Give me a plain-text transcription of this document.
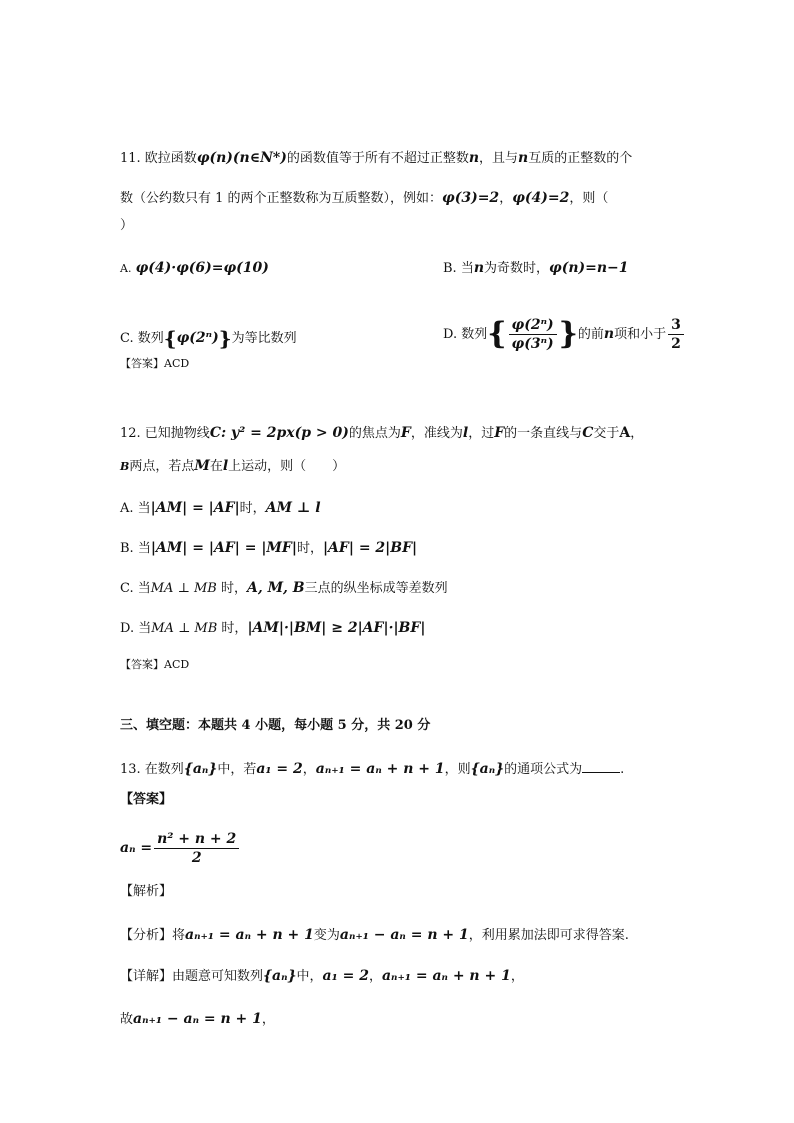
11. 欧拉函数φ(n)(n∈N*)的函数值等于所有不超过正整数n，且与n互质的正整数的个
数（公约数只有 1 的两个正整数称为互质整数），例如：φ(3)=2，φ(4)=2，则（
）
A. φ(4)·φ(6)=φ(10)	B. 当n为奇数时，φ(n)=n−1
C. 数列{φ(2ⁿ)}为等比数列	D. 数列{ $\frac{\text{φ(2ⁿ)}}{\text{φ(3ⁿ)}}$ }的前n项和小于 $\frac{3}{2}$
【答案】ACD
12. 已知抛物线C: y² = 2px(p > 0)的焦点为F，准线为l，过F的一条直线与C交于A，
B两点，若点M在l上运动，则（　　）
A. 当|AM| = |AF|时，AM ⊥ l
B. 当|AM| = |AF| = |MF|时，|AF| = 2|BF|
C. 当MA ⊥ MB 时，A, M, B三点的纵坐标成等差数列
D. 当MA ⊥ MB 时，|AM|·|BM| ≥ 2|AF|·|BF|
【答案】ACD
三、填空题：本题共 4 小题，每小题 5 分，共 20 分
13. 在数列{aₙ}中，若a₁ = 2，aₙ₊₁ = aₙ + n + 1，则{aₙ}的通项公式为	.
【答案】
$a_n = \frac{\text{n² + n + 2}}{2}$
【解析】
【分析】将aₙ₊₁ = aₙ + n + 1变为aₙ₊₁ − aₙ = n + 1，利用累加法即可求得答案.
【详解】由题意可知数列{aₙ}中，a₁ = 2，aₙ₊₁ = aₙ + n + 1，
故aₙ₊₁ − aₙ = n + 1，
